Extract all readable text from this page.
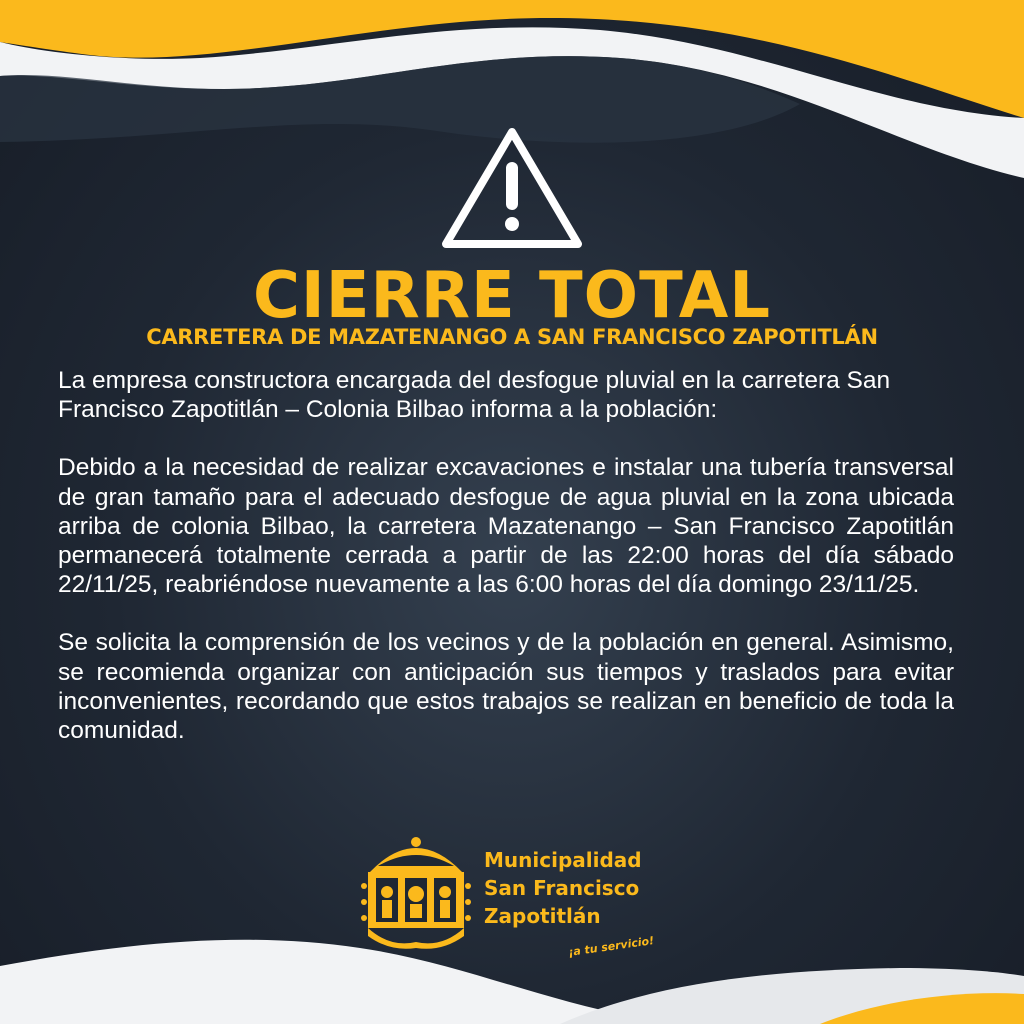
CIERRE TOTAL
CARRETERA DE MAZATENANGO A SAN FRANCISCO ZAPOTITLÁN

La empresa constructora encargada del desfogue pluvial en la carretera San Francisco Zapotitlán – Colonia Bilbao informa a la población:

Debido a la necesidad de realizar excavaciones e instalar una tubería transversal de gran tamaño para el adecuado desfogue de agua pluvial en la zona ubicada arriba de colonia Bilbao, la carretera Mazatenango – San Francisco Zapotitlán permanecerá totalmente cerrada a partir de las 22:00 horas del día sábado 22/11/25, reabriéndose nuevamente a las 6:00 horas del día domingo 23/11/25.

Se solicita la comprensión de los vecinos y de la población en general. Asimismo, se recomienda organizar con anticipación sus tiempos y traslados para evitar inconvenientes, recordando que estos trabajos se realizan en beneficio de toda la comunidad.

Municipalidad
San Francisco
Zapotitlán
¡a tu servicio!
